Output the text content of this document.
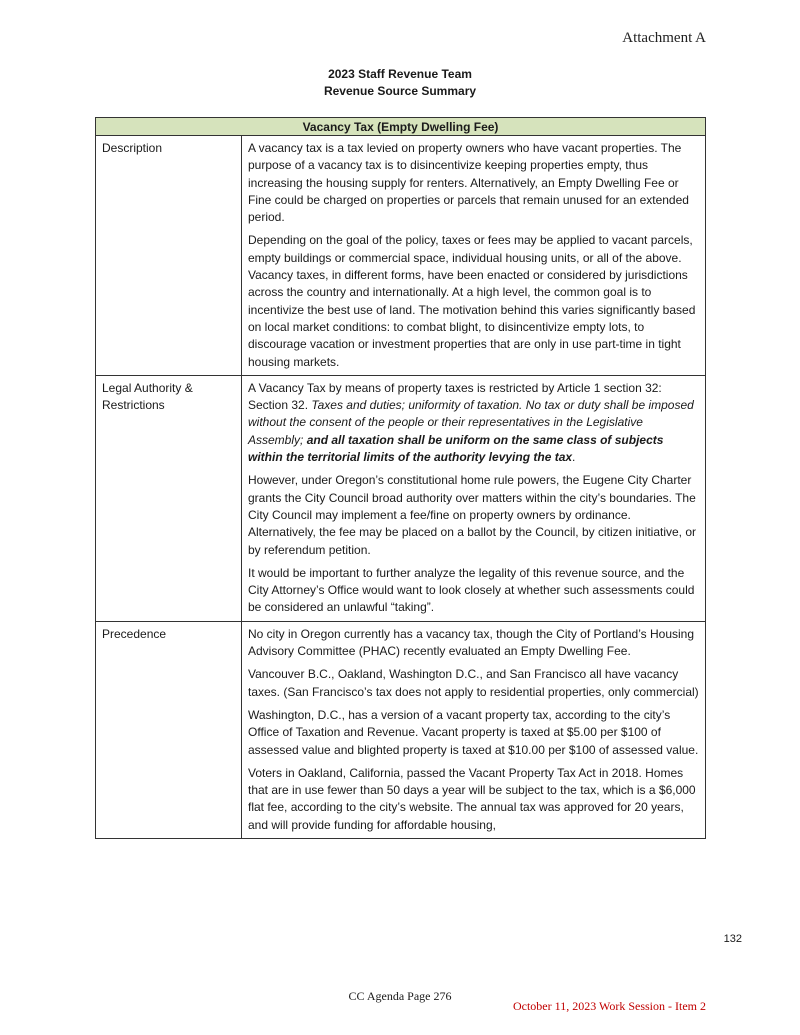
Attachment A
2023 Staff Revenue Team
Revenue Source Summary
Vacancy Tax (Empty Dwelling Fee)	
Description	A vacancy tax is a tax levied on property owners who have vacant properties. The purpose of a vacancy tax is to disincentivize keeping properties empty, thus increasing the housing supply for renters. Alternatively, an Empty Dwelling Fee or Fine could be charged on properties or parcels that remain unused for an extended period.

Depending on the goal of the policy, taxes or fees may be applied to vacant parcels, empty buildings or commercial space, individual housing units, or all of the above. Vacancy taxes, in different forms, have been enacted or considered by jurisdictions across the country and internationally. At a high level, the common goal is to incentivize the best use of land. The motivation behind this varies significantly based on local market conditions: to combat blight, to disincentivize empty lots, to discourage vacation or investment properties that are only in use part-time in tight housing markets.

Legal Authority & Restrictions	A Vacancy Tax by means of property taxes is restricted by Article 1 section 32: Section 32. Taxes and duties; uniformity of taxation. No tax or duty shall be imposed without the consent of the people or their representatives in the Legislative Assembly; and all taxation shall be uniform on the same class of subjects within the territorial limits of the authority levying the tax.

However, under Oregon’s constitutional home rule powers, the Eugene City Charter grants the City Council broad authority over matters within the city’s boundaries. The City Council may implement a fee/fine on property owners by ordinance. Alternatively, the fee may be placed on a ballot by the Council, by citizen initiative, or by referendum petition.

It would be important to further analyze the legality of this revenue source, and the City Attorney’s Office would want to look closely at whether such assessments could be considered an unlawful “taking”.

Precedence	No city in Oregon currently has a vacancy tax, though the City of Portland’s Housing Advisory Committee (PHAC) recently evaluated an Empty Dwelling Fee.

Vancouver B.C., Oakland, Washington D.C., and San Francisco all have vacancy taxes. (San Francisco’s tax does not apply to residential properties, only commercial)

Washington, D.C., has a version of a vacant property tax, according to the city’s Office of Taxation and Revenue. Vacant property is taxed at $5.00 per $100 of assessed value and blighted property is taxed at $10.00 per $100 of assessed value.

Voters in Oakland, California, passed the Vacant Property Tax Act in 2018. Homes that are in use fewer than 50 days a year will be subject to the tax, which is a $6,000 flat fee, according to the city’s website. The annual tax was approved for 20 years, and will provide funding for affordable housing,

132
CC Agenda Page 276
October 11, 2023 Work Session - Item 2
